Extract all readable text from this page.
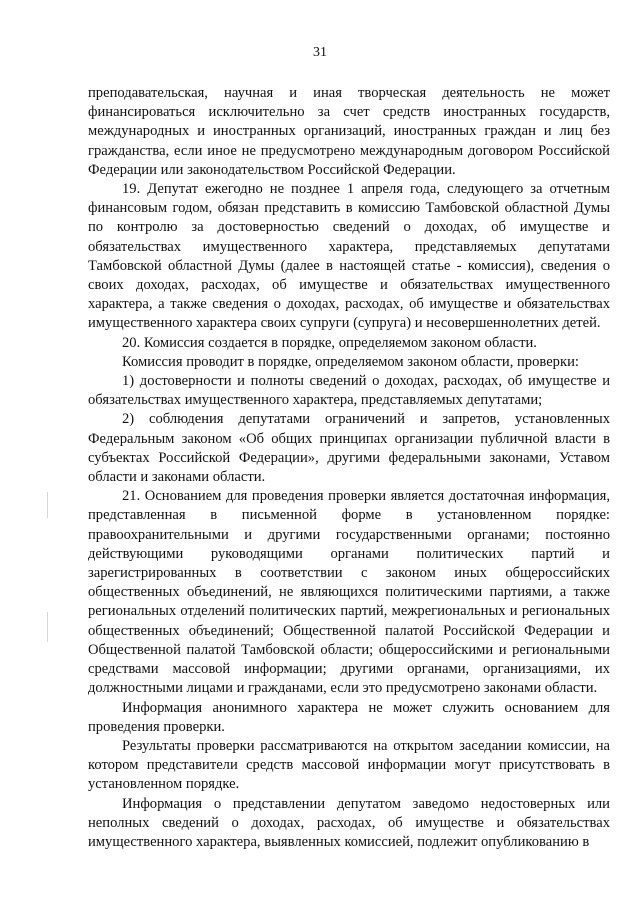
31

преподавательская, научная и иная творческая деятельность не может финансироваться исключительно за счет средств иностранных государств, международных и иностранных организаций, иностранных граждан и лиц без гражданства, если иное не предусмотрено международным договором Российской Федерации или законодательством Российской Федерации.

19. Депутат ежегодно не позднее 1 апреля года, следующего за отчетным финансовым годом, обязан представить в комиссию Тамбовской областной Думы по контролю за достоверностью сведений о доходах, об имуществе и обязательствах имущественного характера, представляемых депутатами Тамбовской областной Думы (далее в настоящей статье - комиссия), сведения о своих доходах, расходах, об имуществе и обязательствах имущественного характера, а также сведения о доходах, расходах, об имуществе и обязательствах имущественного характера своих супруги (супруга) и несовершеннолетних детей.

20. Комиссия создается в порядке, определяемом законом области.

Комиссия проводит в порядке, определяемом законом области, проверки:

1) достоверности и полноты сведений о доходах, расходах, об имуществе и обязательствах имущественного характера, представляемых депутатами;

2) соблюдения депутатами ограничений и запретов, установленных Федеральным законом «Об общих принципах организации публичной власти в субъектах Российской Федерации», другими федеральными законами, Уставом области и законами области.

21. Основанием для проведения проверки является достаточная информация, представленная в письменной форме в установленном порядке: правоохранительными и другими государственными органами; постоянно действующими руководящими органами политических партий и зарегистрированных в соответствии с законом иных общероссийских общественных объединений, не являющихся политическими партиями, а также региональных отделений политических партий, межрегиональных и региональных общественных объединений; Общественной палатой Российской Федерации и Общественной палатой Тамбовской области; общероссийскими и региональными средствами массовой информации; другими органами, организациями, их должностными лицами и гражданами, если это предусмотрено законами области.

Информация анонимного характера не может служить основанием для проведения проверки.

Результаты проверки рассматриваются на открытом заседании комиссии, на котором представители средств массовой информации могут присутствовать в установленном порядке.

Информация о представлении депутатом заведомо недостоверных или неполных сведений о доходах, расходах, об имуществе и обязательствах имущественного характера, выявленных комиссией, подлежит опубликованию в
